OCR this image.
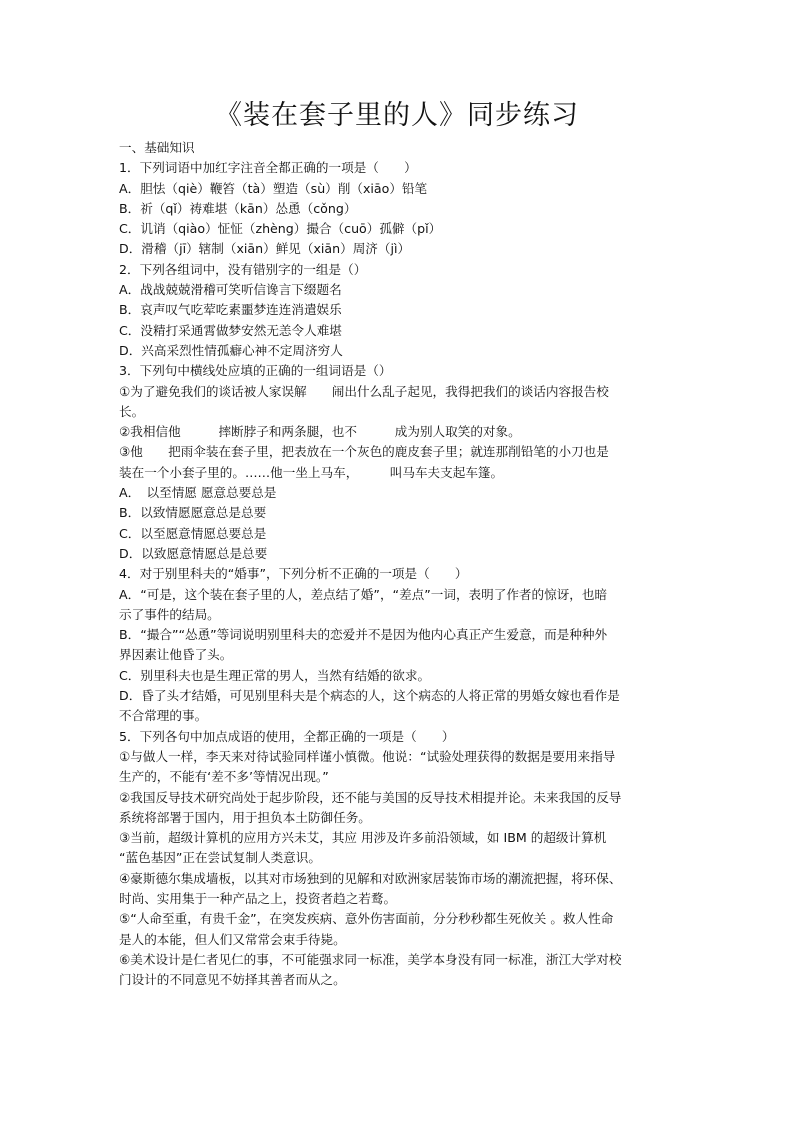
《装在套子里的人》同步练习
一、基础知识
1．下列词语中加红字注音全都正确的一项是（　　）
A．胆怯（qiè）鞭笞（tà）塑造（sù）削（xiāo）铅笔
B．祈（qǐ）祷难堪（kān）怂恿（cǒng）
C．讥诮（qiào）怔怔（zhèng）撮合（cuō）孤僻（pǐ）
D．滑稽（jī）辖制（xiān）鲜见（xiān）周济（jì）
2．下列各组词中，没有错别字的一组是（）
A．战战兢兢滑稽可笑听信谗言下缀题名
B．哀声叹气吃荤吃素噩梦连连消遣娱乐
C．没精打采通霄做梦安然无恙令人难堪
D．兴高采烈性情孤癖心神不定周济穷人
3．下列句中横线处应填的正确的一组词语是（）
①为了避免我们的谈话被人家误解　　闹出什么乱子起见，我得把我们的谈话内容报告校
长。
②我相信他　　　摔断脖子和两条腿，也不　　　成为别人取笑的对象。
③他　　把雨伞装在套子里，把表放在一个灰色的鹿皮套子里；就连那削铅笔的小刀也是
装在一个小套子里的。……他一坐上马车，　　　叫马车夫支起车篷。
A．　以至情愿 愿意总要总是
B．以致情愿愿意总是总要
C．以至愿意情愿总要总是
D．以致愿意情愿总是总要
4．对于别里科夫的“婚事”，下列分析不正确的一项是（　　）
A．“可是，这个装在套子里的人，差点结了婚”，“差点”一词，表明了作者的惊讶，也暗
示了事件的结局。
B．“撮合”“怂恿”等词说明别里科夫的恋爱并不是因为他内心真正产生爱意，而是种种外
界因素让他昏了头。
C．别里科夫也是生理正常的男人，当然有结婚的欲求。
D．昏了头才结婚，可见别里科夫是个病态的人，这个病态的人将正常的男婚女嫁也看作是
不合常理的事。
5．下列各句中加点成语的使用，全都正确的一项是（　　）
①与做人一样，李天来对待试验同样谨小慎微。他说：“试验处理获得的数据是要用来指导
生产的，不能有‘差不多’等情况出现。”
②我国反导技术研究尚处于起步阶段，还不能与美国的反导技术相提并论。未来我国的反导
系统将部署于国内，用于担负本土防御任务。
③当前，超级计算机的应用方兴未艾，其应 用涉及许多前沿领域，如 IBM 的超级计算机
“蓝色基因”正在尝试复制人类意识。
④豪斯德尔集成墙板，以其对市场独到的见解和对欧洲家居装饰市场的潮流把握，将环保、
时尚、实用集于一种产品之上，投资者趋之若鹜。
⑤“人命至重，有贵千金”，在突发疾病、意外伤害面前，分分秒秒都生死攸关 。救人性命
是人的本能，但人们又常常会束手待毙。
⑥美术设计是仁者见仁的事，不可能强求同一标准，美学本身没有同一标准，浙江大学对校
门设计的不同意见不妨择其善者而从之。
